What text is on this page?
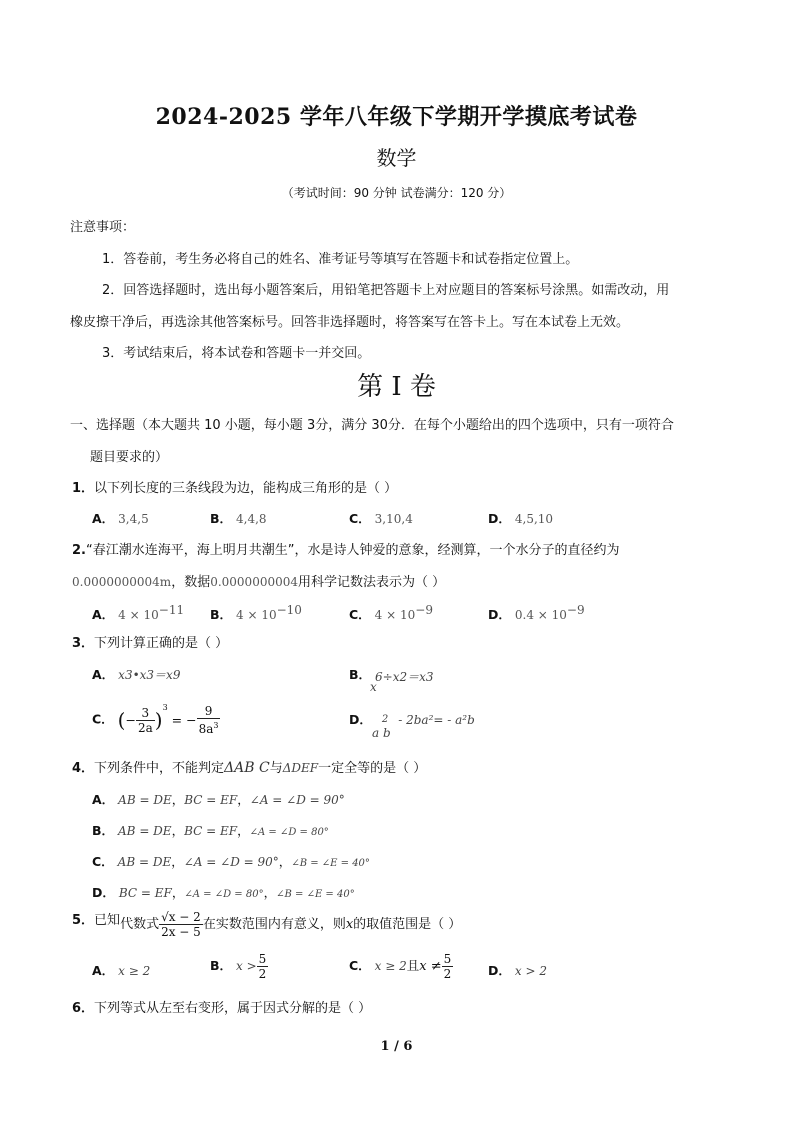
2024-2025 学年八年级下学期开学摸底考试卷
数学
（考试时间：90 分钟 试卷满分：120 分）
注意事项：
1．答卷前，考生务必将自己的姓名、准考证号等填写在答题卡和试卷指定位置上。
2．回答选择题时，选出每小题答案后，用铅笔把答题卡上对应题目的答案标号涂黑。如需改动，用
橡皮擦干净后，再选涂其他答案标号。回答非选择题时，将答案写在答卡上。写在本试卷上无效。
3．考试结束后，将本试卷和答题卡一并交回。
第 I 卷
一、选择题（本大题共 10 小题，每小题 3分，满分 30分．在每个小题给出的四个选项中，只有一项符合
题目要求的）
1．以下列长度的三条线段为边，能构成三角形的是（ ）
A． 3,4,5	B． 4,4,8	C． 3,10,4	D． 4,5,10
2.“春江潮水连海平，海上明月共潮生”，水是诗人钟爱的意象，经测算，一个水分子的直径约为
0.0000000004m，数据0.0000000004用科学记数法表示为（ ）
A． $4 \times 10^{-11}$ B． $4 \times 10^{-10}$	C． $4 \times 10^{-9}$	D． $0.4 \times 10^{-9}$
3．下列计算正确的是（ ）
A． x3•x3＝x9	B． 6÷x2＝x3
x
C． (− $\frac{3}{2a} )^3$ = − $\frac{9}{8a^3}$	D． 2 - 2ba²= - a²b
a b
4．下列条件中，不能判定ΔAB C与ΔDEF一定全等的是（ ）
A． AB = DE，BC = EF，∠A = ∠D = 90°
B． AB = DE，BC = EF，∠A = ∠D = 80°
C． AB = DE，∠A = ∠D = 90°，∠B = ∠E = 40°
D． BC = EF，∠A = ∠D = 80°，∠B = ∠E = 40°
5．已知代数式 $\frac{√x - 2}{2x - 5}$ 在实数范围内有意义，则x的取值范围是（ ）
A． x ≥ 2	B． $x > \frac{5}{2}$	C． x ≥ 2且$x \ne \frac{5}{2}$	D． x > 2
6．下列等式从左至右变形，属于因式分解的是（ ）
1 / 6
